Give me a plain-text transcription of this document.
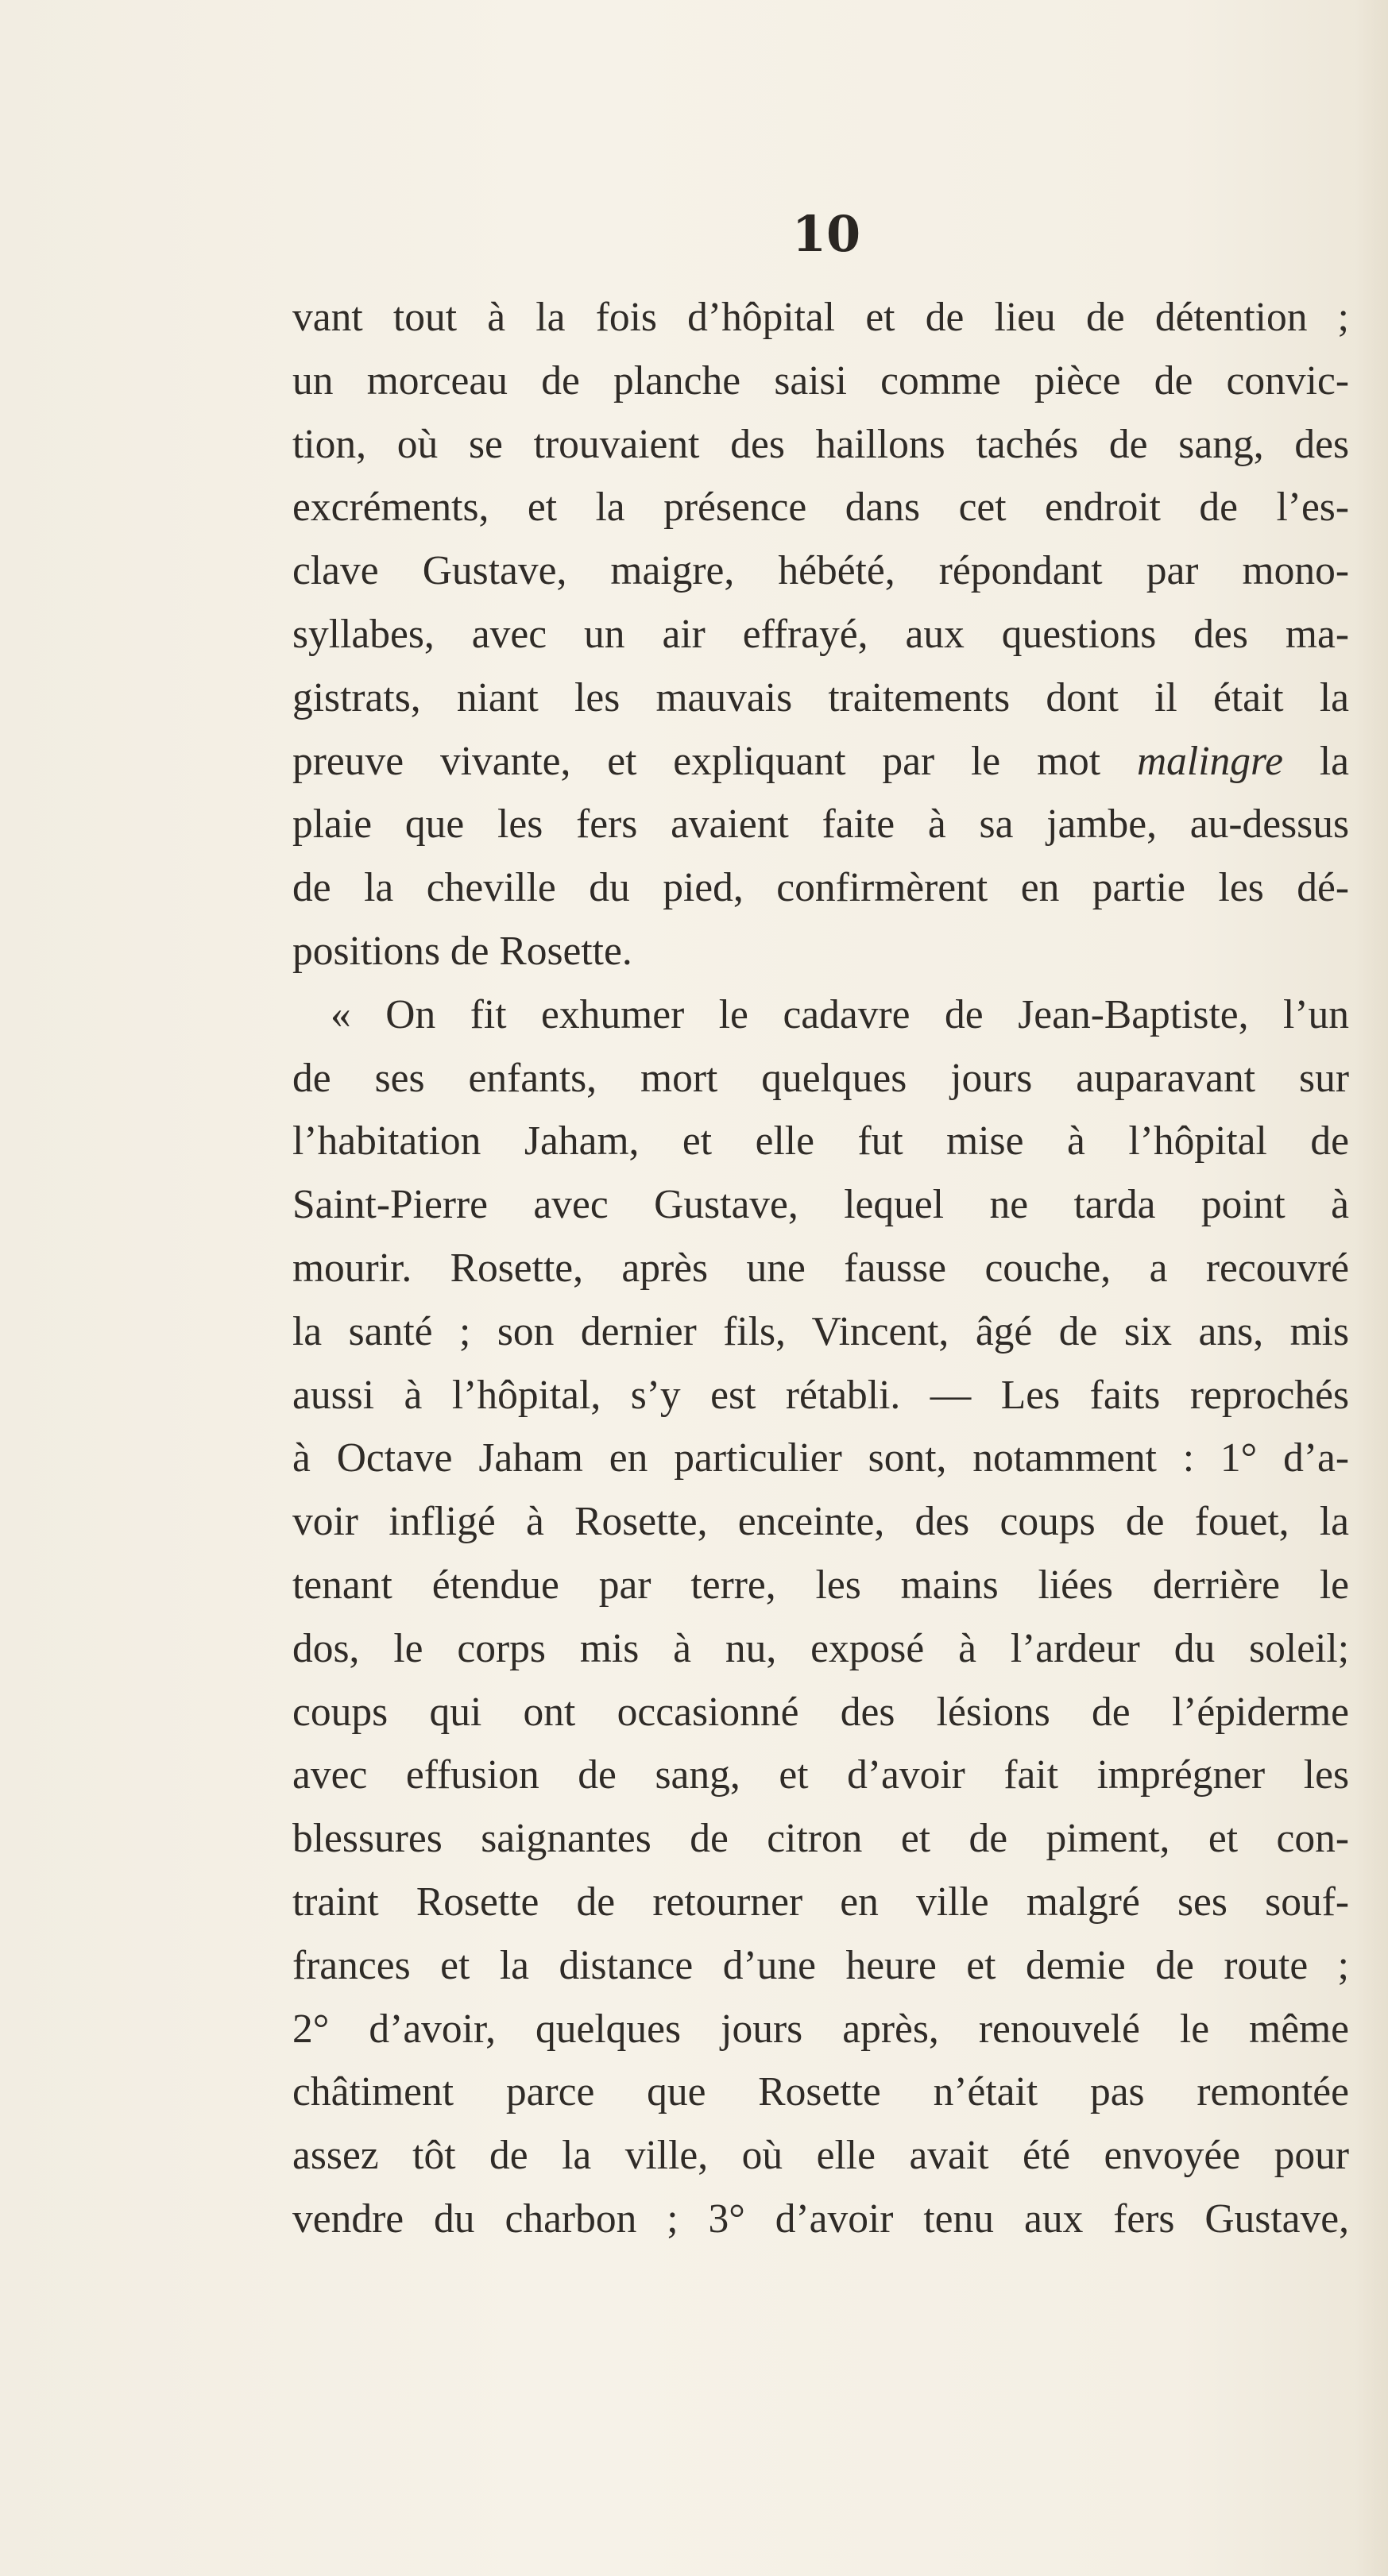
10
vant tout à la fois d’hôpital et de lieu de détention ;
un morceau de planche saisi comme pièce de convic-
tion, où se trouvaient des haillons tachés de sang, des
excréments, et la présence dans cet endroit de l’es-
clave Gustave, maigre, hébété, répondant par mono-
syllabes, avec un air effrayé, aux questions des ma-
gistrats, niant les mauvais traitements dont il était la
preuve vivante, et expliquant par le mot malingre la
plaie que les fers avaient faite à sa jambe, au-dessus
de la cheville du pied, confirmèrent en partie les dé-
positions de Rosette.
« On fit exhumer le cadavre de Jean-Baptiste, l’un
de ses enfants, mort quelques jours auparavant sur
l’habitation Jaham, et elle fut mise à l’hôpital de
Saint-Pierre avec Gustave, lequel ne tarda point à
mourir. Rosette, après une fausse couche, a recouvré
la santé ; son dernier fils, Vincent, âgé de six ans, mis
aussi à l’hôpital, s’y est rétabli. — Les faits reprochés
à Octave Jaham en particulier sont, notamment : 1° d’a-
voir infligé à Rosette, enceinte, des coups de fouet, la
tenant étendue par terre, les mains liées derrière le
dos, le corps mis à nu, exposé à l’ardeur du soleil;
coups qui ont occasionné des lésions de l’épiderme
avec effusion de sang, et d’avoir fait imprégner les
blessures saignantes de citron et de piment, et con-
traint Rosette de retourner en ville malgré ses souf-
frances et la distance d’une heure et demie de route ;
2° d’avoir, quelques jours après, renouvelé le même
châtiment parce que Rosette n’était pas remontée
assez tôt de la ville, où elle avait été envoyée pour
vendre du charbon ; 3° d’avoir tenu aux fers Gustave,
